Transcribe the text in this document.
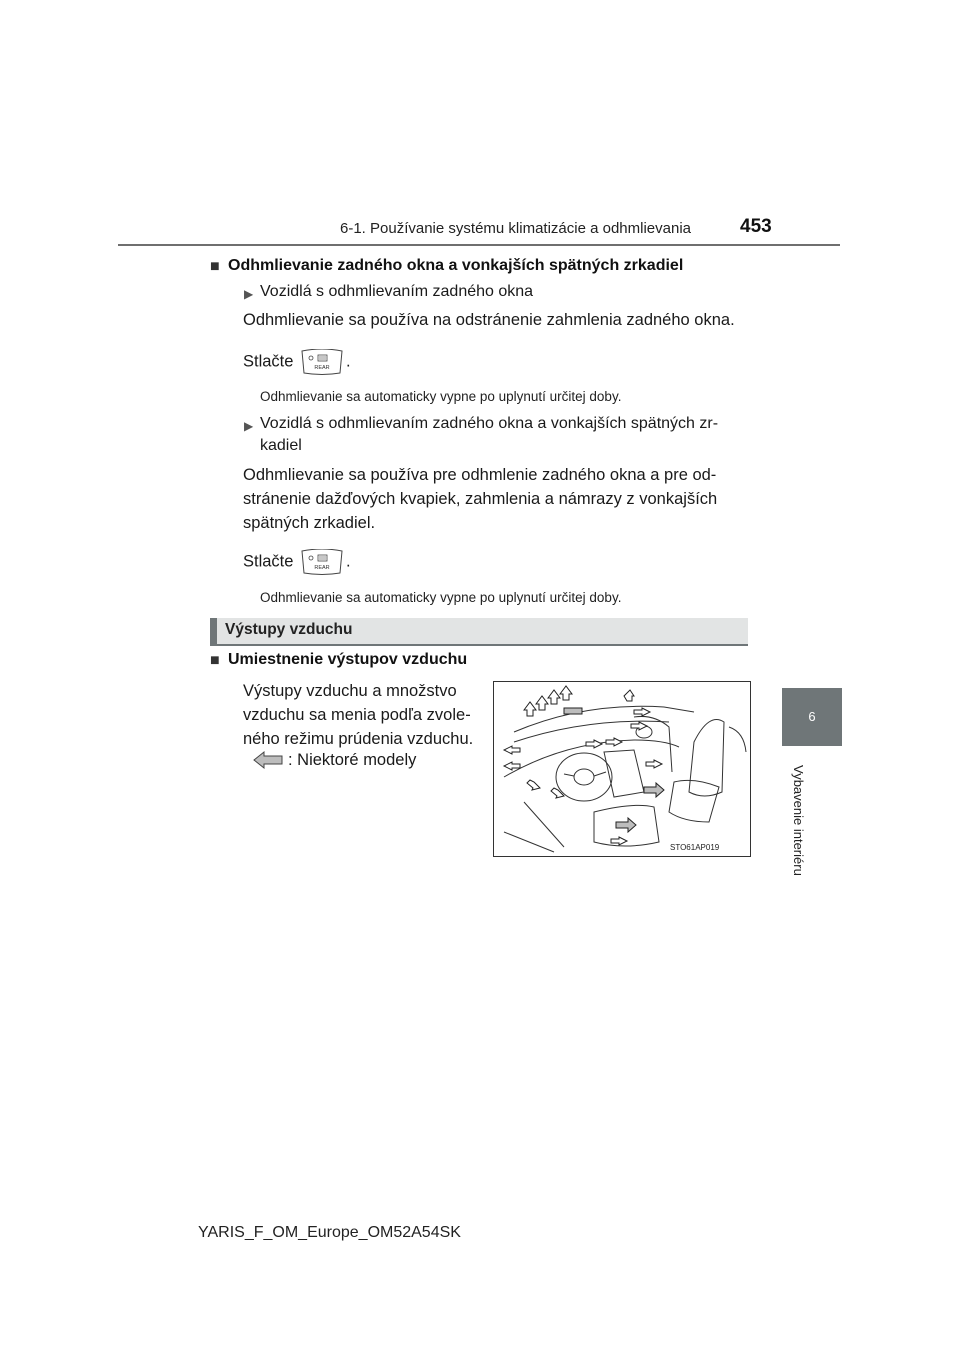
6-1. Používanie systému klimatizácie a odhmlievania	453
6
Vybavenie interiéru
■ Odhmlievanie zadného okna a vonkajších spätných zrkadiel
▶ Vozidlá s odhmlievaním zadného okna
Odhmlievanie sa používa na odstránenie zahmlenia zadného okna.
Stlačte	REAR .
Odhmlievanie sa automaticky vypne po uplynutí určitej doby.
▶ Vozidlá s odhmlievaním zadného okna a vonkajších spätných zr-
kadiel
Odhmlievanie sa používa pre odhmlenie zadného okna a pre od-
stránenie dažďových kvapiek, zahmlenia a námrazy z vonkajších
spätných zrkadiel.
Stlačte	REAR .
Odhmlievanie sa automaticky vypne po uplynutí určitej doby.
Výstupy vzduchu
■ Umiestnenie výstupov vzduchu
Výstupy vzduchu a množstvo
vzduchu sa menia podľa zvole-
ného režimu prúdenia vzduchu.
: Niektoré modely
STO61AP019
YARIS_F_OM_Europe_OM52A54SK
